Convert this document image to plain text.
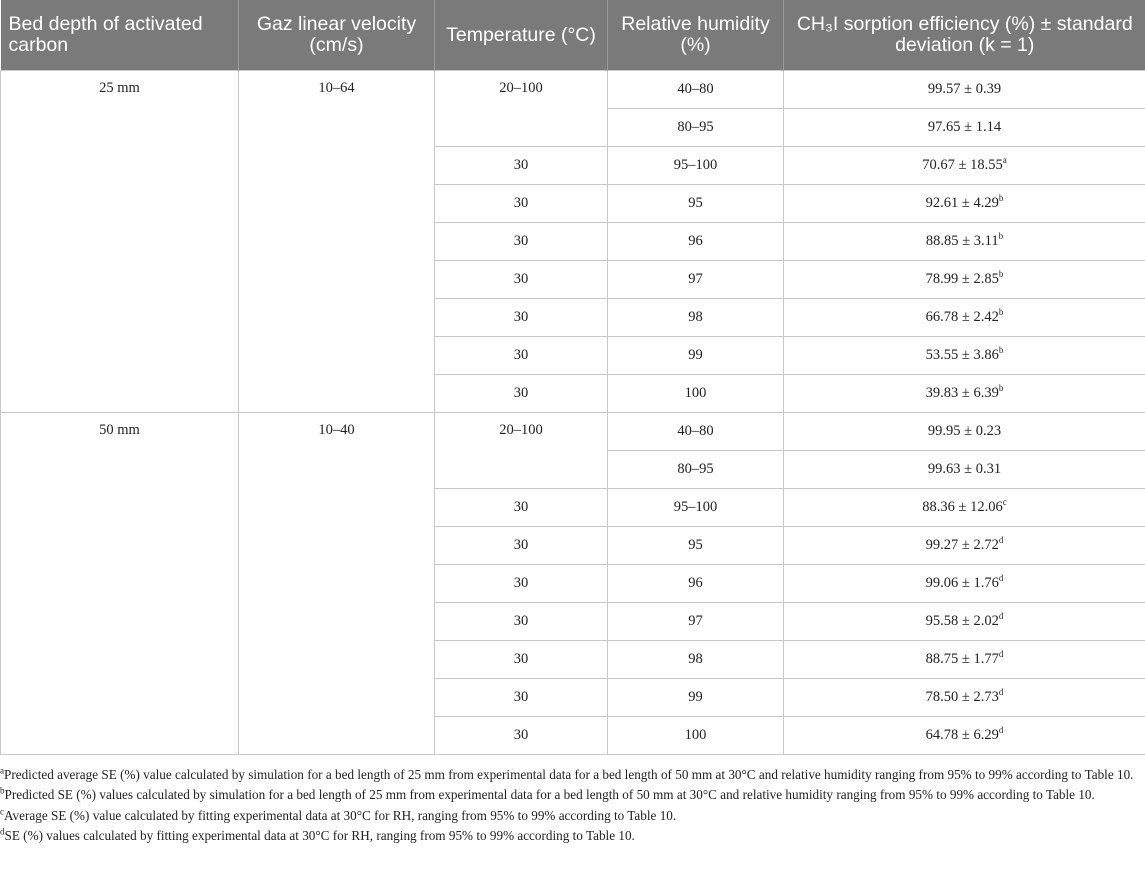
Bed depth of activated carbon	Gaz linear velocity (cm/s)	Temperature (°C)	Relative humidity (%)	CH₃I sorption efficiency (%) ± standard deviation (k = 1)
25 mm	10–64	20–100	40–80	99.57 ± 0.39
			80–95	97.65 ± 1.14
		30	95–100	70.67 ± 18.55$^a$
		30	95	92.61 ± 4.29$^b$
		30	96	88.85 ± 3.11$^b$
		30	97	78.99 ± 2.85$^b$
		30	98	66.78 ± 2.42$^b$
		30	99	53.55 ± 3.86$^b$
		30	100	39.83 ± 6.39$^b$
50 mm	10–40	20–100	40–80	99.95 ± 0.23
			80–95	99.63 ± 0.31
		30	95–100	88.36 ± 12.06$^c$
		30	95	99.27 ± 2.72$^d$
		30	96	99.06 ± 1.76$^d$
		30	97	95.58 ± 2.02$^d$
		30	98	88.75 ± 1.77$^d$
		30	99	78.50 ± 2.73$^d$
		30	100	64.78 ± 6.29$^d$

$^a$Predicted average SE (%) value calculated by simulation for a bed length of 25 mm from experimental data for a bed length of 50 mm at 30°C and relative humidity ranging from 95% to 99% according to Table 10.

$^b$Predicted SE (%) values calculated by simulation for a bed length of 25 mm from experimental data for a bed length of 50 mm at 30°C and relative humidity ranging from 95% to 99% according to Table 10.

$^c$Average SE (%) value calculated by fitting experimental data at 30°C for RH, ranging from 95% to 99% according to Table 10.

$^d$SE (%) values calculated by fitting experimental data at 30°C for RH, ranging from 95% to 99% according to Table 10.
